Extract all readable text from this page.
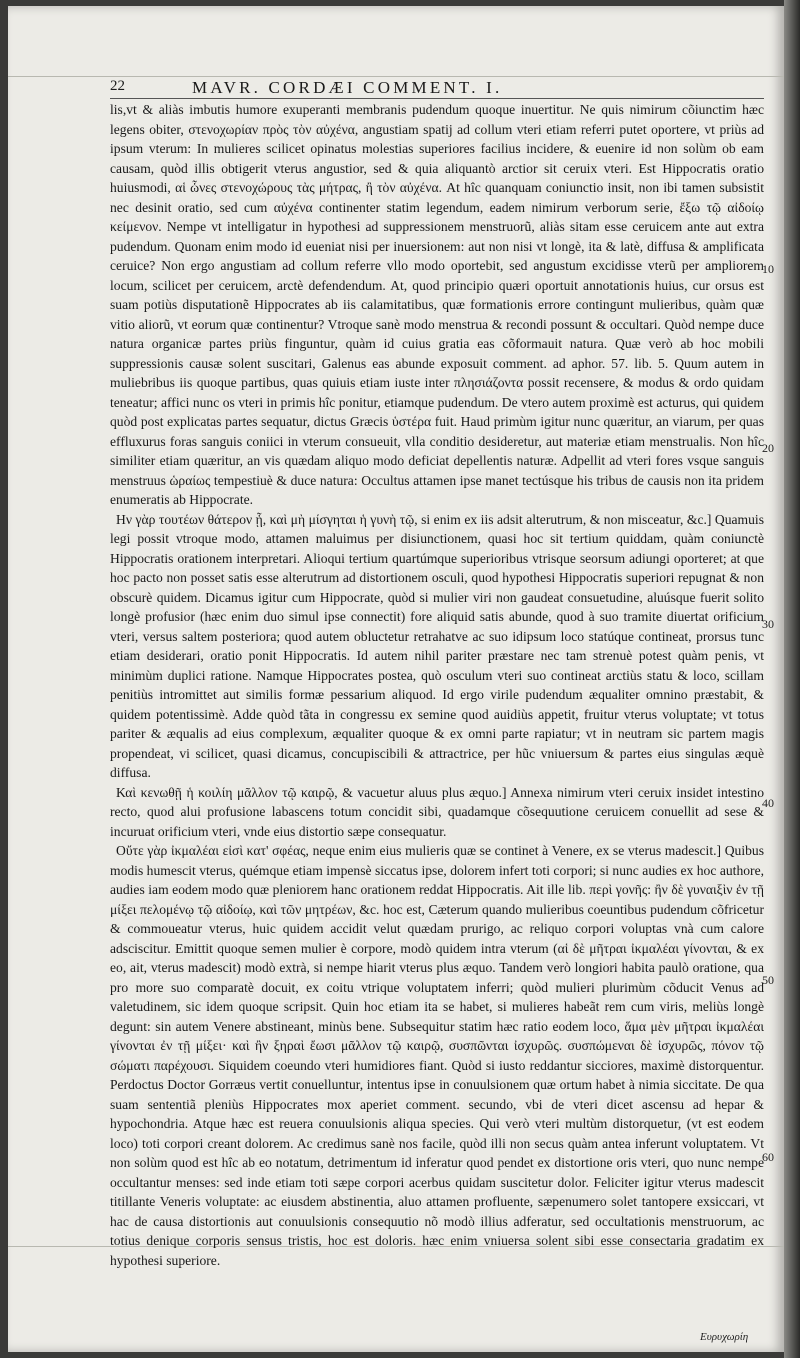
22	MAVR. CORDÆI COMMENT. I.

lis,vt & aliàs imbutis humore exuperanti membranis pudendum quoque inuertitur. Ne quis nimirum cõiunctim hæc legens obiter, στενοχωρίαν πρὸς τὸν αὐχένα, angustiam spatij ad collum vteri etiam referri putet oportere, vt priùs ad ipsum vterum: In mulieres scilicet opinatus molestias superiores facilius incidere, & euenire id non solùm ob eam causam, quòd illis obtigerit vterus angustior, sed & quia aliquantò arctior sit ceruix vteri. Est Hippocratis oratio huiusmodi, αἱ ὧνες στενοχώρους τὰς μήτρας, ἢ τὸν αὐχένα. At hîc quanquam coniunctio insit, non ibi tamen subsistit nec desinit oratio, sed cum αὐχένα continenter statim legendum, eadem nimirum verborum serie, ἔξω τῷ αἰδοίῳ κείμενον. Nempe vt intelligatur in hypothesi ad suppressionem menstruorũ, aliàs sitam esse ceruicem ante aut extra pudendum. Quonam enim modo id eueniat nisi per inuersionem: aut non nisi vt longè, ita & latè, diffusa & amplificata ceruice? Non ergo angustiam ad collum referre vllo modo oportebit, sed angustum excidisse vterũ per ampliorem locum, scilicet per ceruicem, arctè defendendum. At, quod principio quæri oportuit annotationis huius, cur orsus est suam potiùs disputationẽ Hippocrates ab iis calamitatibus, quæ formationis errore contingunt mulieribus, quàm quæ vitio aliorũ, vt eorum quæ continentur? Vtroque sanè modo menstrua & recondi possunt & occultari. Quòd nempe duce natura organicæ partes priùs finguntur, quàm id cuius gratia eas cõformauit natura. Quæ verò ab hoc mobili suppressionis causæ solent suscitari, Galenus eas abunde exposuit comment. ad aphor. 57. lib. 5. Quum autem in muliebribus iis quoque partibus, quas quiuis etiam iuste inter πλησιάζοντα possit recensere, & modus & ordo quidam teneatur; affici nunc os vteri in primis hîc ponitur, etiamque pudendum. De vtero autem proximè est acturus, qui quidem quòd post explicatas partes sequatur, dictus Græcis ὑστέρα fuit. Haud primùm igitur nunc quæritur, an viarum, per quas effluxurus foras sanguis coniici in vterum consueuit, vlla conditio desideretur, aut materiæ etiam menstrualis. Non hîc similiter etiam quæritur, an vis quædam aliquo modo deficiat depellentis naturæ. Adpellit ad vteri fores vsque sanguis menstruus ὡραίως tempestiuè & duce natura: Occultus attamen ipse manet tectúsque his tribus de causis non ita pridem enumeratis ab Hippocrate.

Ην γὰρ τουτέων θάτερον ᾖ, καὶ μὴ μίσγηται ἡ γυνὴ τῷ, si enim ex iis adsit alterutrum, & non misceatur, &c.] Quamuis legi possit vtroque modo, attamen maluimus per disiunctionem, quasi hoc sit tertium quiddam, quàm coniunctè Hippocratis orationem interpretari. Alioqui tertium quartúmque superioribus vtrisque seorsum adiungi oporteret; at que hoc pacto non posset satis esse alterutrum ad distortionem osculi, quod hypothesi Hippocratis superiori repugnat & non obscurè quidem. Dicamus igitur cum Hippocrate, quòd si mulier viri non gaudeat consuetudine, aluúsque fuerit solito longè profusior (hæc enim duo simul ipse connectit) fore aliquid satis abunde, quod à suo tramite diuertat orificium vteri, versus saltem posteriora; quod autem obluctetur retrahatve ac suo idipsum loco statúque contineat, prorsus tunc etiam desiderari, oratio ponit Hippocratis. Id autem nihil pariter præstare nec tam strenuè potest quàm penis, vt minimùm duplici ratione. Namque Hippocrates postea, quò osculum vteri suo contineat arctiùs statu & loco, scillam penitiùs intromittet aut similis formæ pessarium aliquod. Id ergo virile pudendum æqualiter omnino præstabit, & quidem potentissimè. Adde quòd tãta in congressu ex semine quod auidiùs appetit, fruitur vterus voluptate; vt totus pariter & æqualis ad eius complexum, æqualiter quoque & ex omni parte rapiatur; vt in neutram sic partem magis propendeat, vi scilicet, quasi dicamus, concupiscibili & attractrice, per hũc vniuersum & partes eius singulas æquè diffusa.

Καὶ κενωθῇ ἡ κοιλίη μᾶλλον τῷ καιρῷ, & vacuetur aluus plus æquo.] Annexa nimirum vteri ceruix insidet intestino recto, quod alui profusione labascens totum concidit sibi, quadamque cõsequutione ceruicem conuellit ad sese & incuruat orificium vteri, vnde eius distortio sæpe consequatur.

Οὔτε γὰρ ἰκμαλέαι εἰσὶ κατ' σφέας, neque enim eius mulieris quæ se continet à Venere, ex se vterus madescit.] Quibus modis humescit vterus, quémque etiam impensè siccatus ipse, dolorem infert toti corpori; si nunc audies ex hoc authore, audies iam eodem modo quæ pleniorem hanc orationem reddat Hippocratis. Ait ille lib. περὶ γονῆς: ἢν δὲ γυναιξὶν ἐν τῇ μίξει πελομένῳ τῷ αἰδοίῳ, καὶ τῶν μητρέων, &c. hoc est, Cæterum quando mulieribus coeuntibus pudendum cõfricetur & commoueatur vterus, huic quidem accidit velut quædam prurigo, ac reliquo corpori voluptas vnà cum calore adsciscitur. Emittit quoque semen mulier è corpore, modò quidem intra vterum (αἱ δὲ μῆτραι ἰκμαλέαι γίνονται, & ex eo, ait, vterus madescit) modò extrà, si nempe hiarit vterus plus æquo. Tandem verò longiori habita paulò oratione, qua pro more suo comparatè docuit, ex coitu vtrique voluptatem inferri; quòd mulieri plurimùm cõducit Venus ad valetudinem, sic idem quoque scripsit. Quin hoc etiam ita se habet, si mulieres habeãt rem cum viris, meliùs longè degunt: sin autem Venere abstineant, minùs bene. Subsequitur statim hæc ratio eodem loco, ἅμα μὲν μῆτραι ἰκμαλέαι γίνονται ἐν τῇ μίξει· καὶ ἢν ξηραὶ ἔωσι μᾶλλον τῷ καιρῷ, συσπῶνται ἰσχυρῶς. συσπώμεναι δὲ ἰσχυρῶς, πόνον τῷ σώματι παρέχουσι. Siquidem coeundo vteri humidiores fiant. Quòd si iusto reddantur sicciores, maximè distorquentur. Perdoctus Doctor Gorræus vertit conuelluntur, intentus ipse in conuulsionem quæ ortum habet à nimia siccitate. De qua suam sententiã pleniùs Hippocrates mox aperiet comment. secundo, vbi de vteri dicet ascensu ad hepar & hypochondria. Atque hæc est reuera conuulsionis aliqua species. Qui verò vteri multùm distorquetur, (vt est eodem loco) toti corpori creant dolorem. Ac credimus sanè nos facile, quòd illi non secus quàm antea inferunt voluptatem. Vt non solùm quod est hîc ab eo notatum, detrimentum id inferatur quod pendet ex distortione oris vteri, quo nunc nempe occultantur menses: sed inde etiam toti sæpe corpori acerbus quidam suscitetur dolor. Feliciter igitur vterus madescit titillante Veneris voluptate: ac eiusdem abstinentia, aluo attamen profluente, sæpenumero solet tantopere exsiccari, vt hac de causa distortionis aut conuulsionis consequutio nõ modò illius adferatur, sed occultationis menstruorum, ac totius denique corporis sensus tristis, hoc est doloris. hæc enim vniuersa solent sibi esse consectaria gradatim ex hypothesi superiore.

10
20
30
40
50
60
Ευρυχωρίη
